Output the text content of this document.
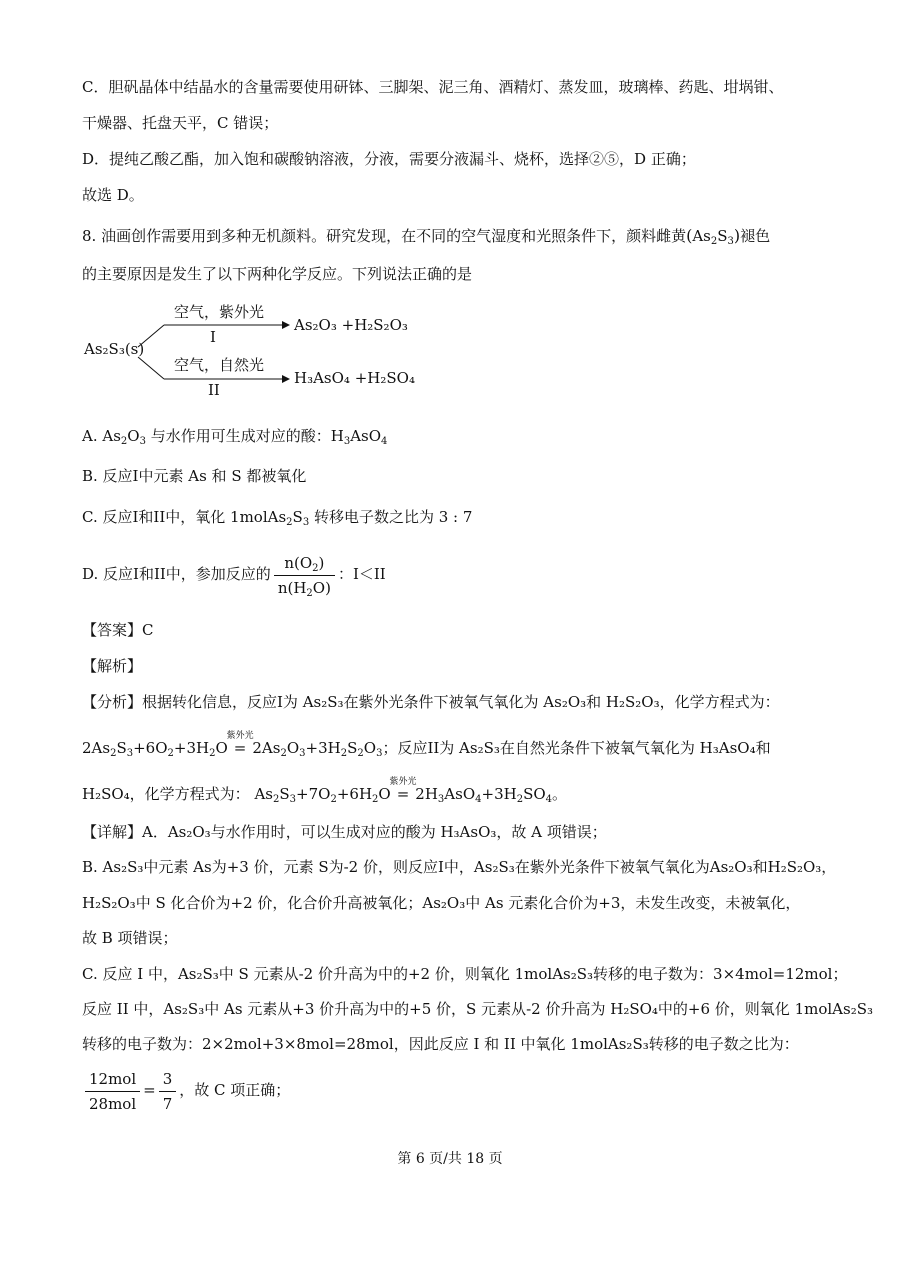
C．胆矾晶体中结晶水的含量需要使用研钵、三脚架、泥三角、酒精灯、蒸发皿，玻璃棒、药匙、坩埚钳、
干燥器、托盘天平，C 错误；
D．提纯乙酸乙酯，加入饱和碳酸钠溶液，分液，需要分液漏斗、烧杯，选择②⑤，D 正确；
故选 D。
8. 油画创作需要用到多种无机颜料。研究发现，在不同的空气湿度和光照条件下，颜料雌黄$(As_2S_3)$褪色
的主要原因是发生了以下两种化学反应。下列说法正确的是
As₂S₃(s)
空气，紫外光
I
As₂O₃ +H₂S₂O₃
空气，自然光
II
H₃AsO₄ +H₂SO₄
A. $As_2O_3$ 与水作用可生成对应的酸：$H_3AsO_4$
B. 反应I中元素 As 和 S 都被氧化
C. 反应I和II中，氧化 $1molAs_2S_3$ 转移电子数之比为 3 : 7
D. 反应I和II中，参加反应的 $\frac{n(O_2)}{n(H_2O)}$ ：I＜II
【答案】C
【解析】
【分析】根据转化信息，反应I为 As₂S₃在紫外光条件下被氧气氧化为 As₂O₃和 H₂S₂O₃，化学方程式为：
$2As_2S_3+6O_2+3H_2O$
紫外光
= $2As_2O_3+3H_2S_2O_3$；反应II为 As₂S₃在自然光条件下被氧气氧化为 H₃AsO₄和
H₂SO₄，化学方程式为： $As_2S_3+7O_2+6H_2O$
紫外光
= $2H_3AsO_4+3H_2SO_4$。
【详解】A．As₂O₃与水作用时，可以生成对应的酸为 H₃AsO₃，故 A 项错误；
B. As₂S₃中元素 As为+3 价，元素 S为-2 价，则反应I中，As₂S₃在紫外光条件下被氧气氧化为As₂O₃和H₂S₂O₃，
H₂S₂O₃中 S 化合价为+2 价，化合价升高被氧化；As₂O₃中 As 元素化合价为+3，未发生改变，未被氧化，
故 B 项错误；
C. 反应 I 中，As₂S₃中 S 元素从-2 价升高为中的+2 价，则氧化 1molAs₂S₃转移的电子数为：3×4mol=12mol；
反应 II 中，As₂S₃中 As 元素从+3 价升高为中的+5 价，S 元素从-2 价升高为 H₂SO₄中的+6 价，则氧化 1molAs₂S₃
转移的电子数为：2×2mol+3×8mol=28mol，因此反应 I 和 II 中氧化 1molAs₂S₃转移的电子数之比为：
$\frac{\text{12mol}}{\text{28mol}} = \frac{3}{7}$ ，故 C 项正确；
第 6 页/共 18 页
